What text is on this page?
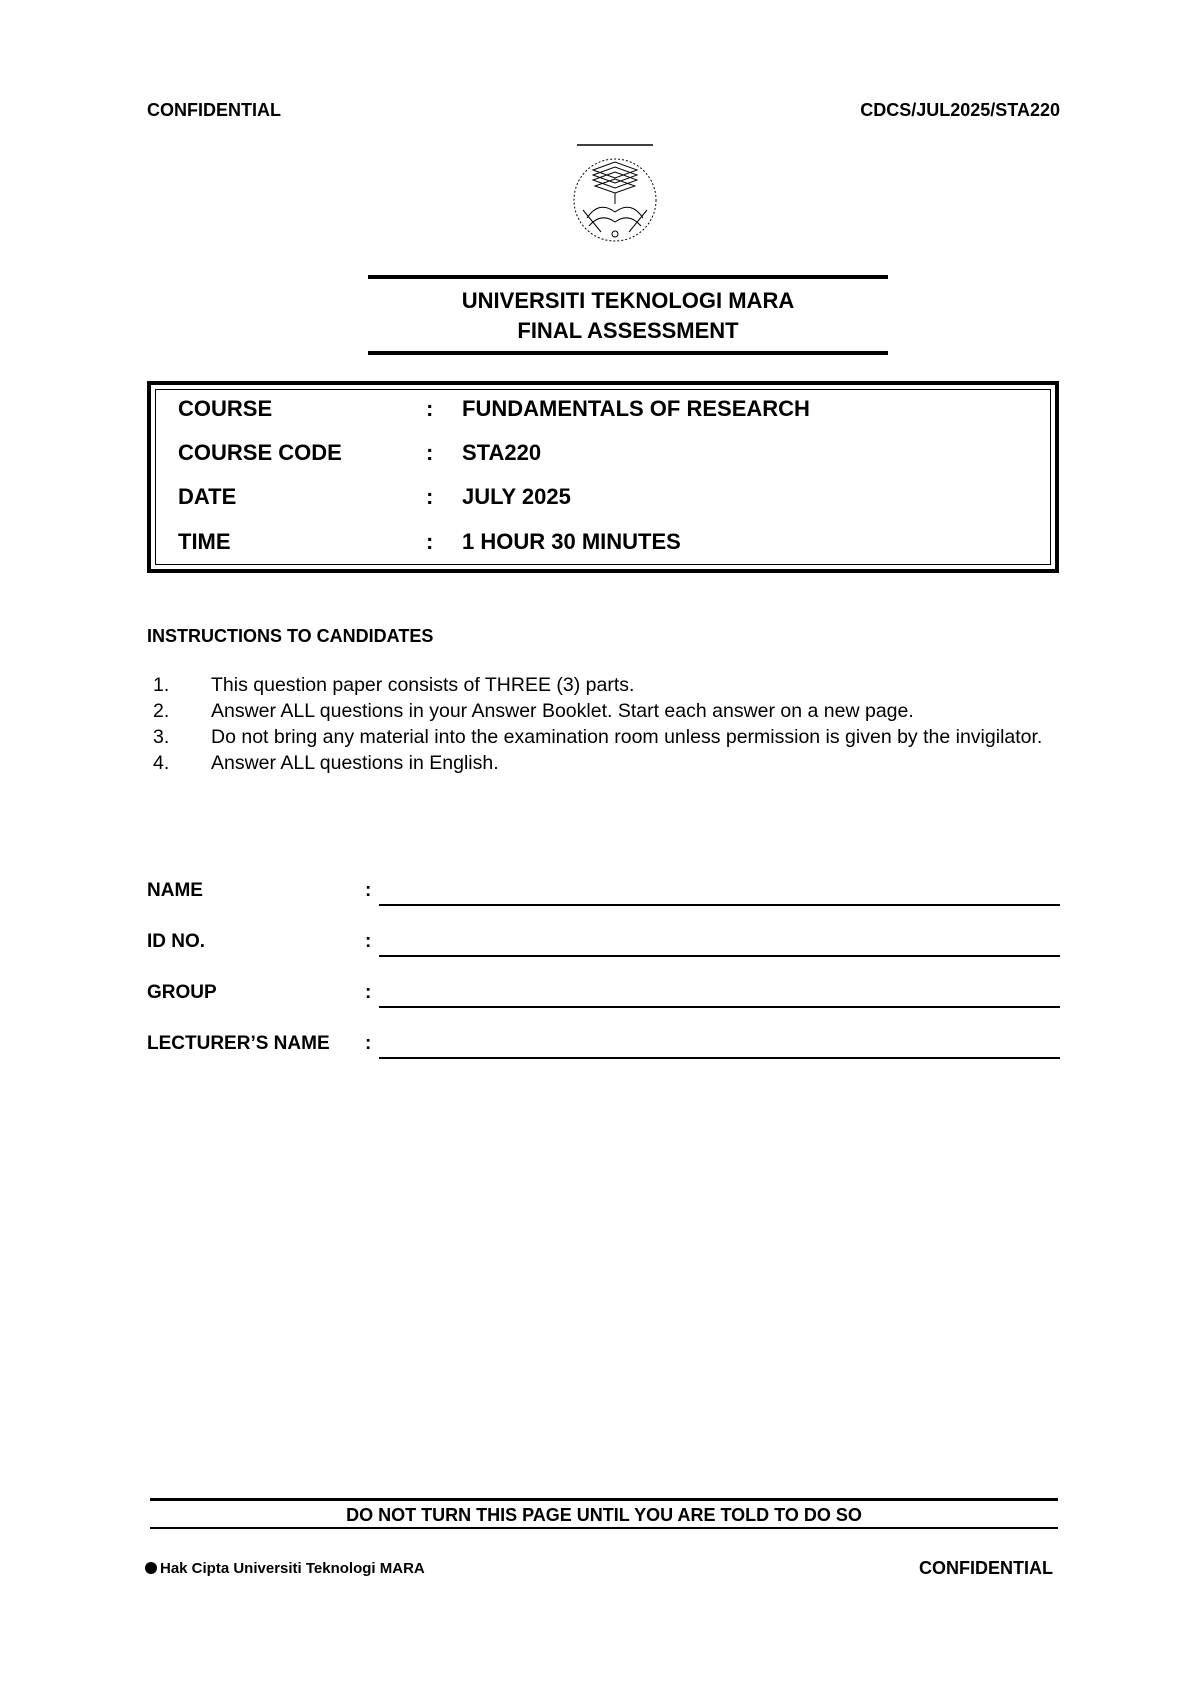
CONFIDENTIAL	CDCS/JUL2025/STA220
UNIVERSITI TEKNOLOGI MARA
FINAL ASSESSMENT
COURSE	: FUNDAMENTALS OF RESEARCH
COURSE CODE	: STA220
DATE	: JULY 2025
TIME	: 1 HOUR 30 MINUTES
INSTRUCTIONS TO CANDIDATES
1. This question paper consists of THREE (3) parts.
2. Answer ALL questions in your Answer Booklet. Start each answer on a new page.
3. Do not bring any material into the examination room unless permission is given by the invigilator.
4. Answer ALL questions in English.
NAME	:
ID NO.	:
GROUP	:
LECTURER’S NAME :
DO NOT TURN THIS PAGE UNTIL YOU ARE TOLD TO DO SO
Hak Cipta Universiti Teknologi MARA	CONFIDENTIAL
